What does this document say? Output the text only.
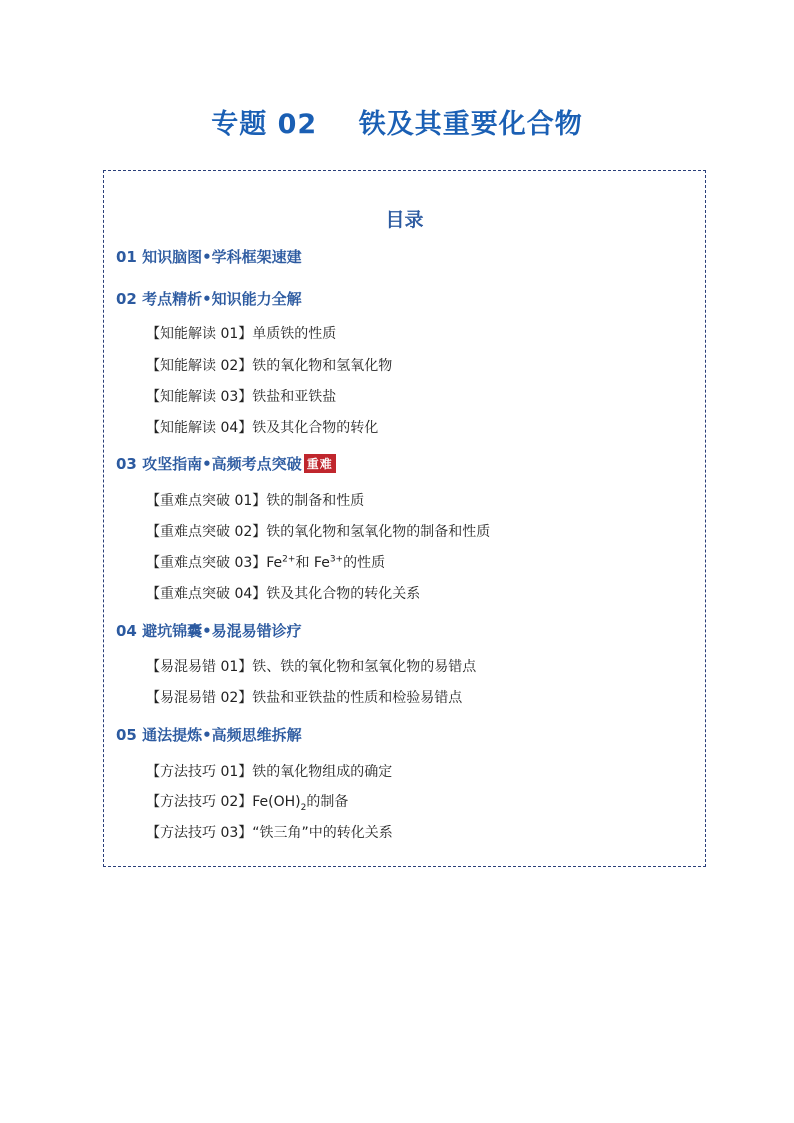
专题 02    铁及其重要化合物
目录
01 知识脑图•学科框架速建
02 考点精析•知识能力全解
【知能解读 01】单质铁的性质
【知能解读 02】铁的氧化物和氢氧化物
【知能解读 03】铁盐和亚铁盐
【知能解读 04】铁及其化合物的转化
03 攻坚指南•高频考点突破 重难
【重难点突破 01】铁的制备和性质
【重难点突破 02】铁的氧化物和氢氧化物的制备和性质
【重难点突破 03】$Fe^{2+}$和 $Fe^{3+}$的性质
【重难点突破 04】铁及其化合物的转化关系
04 避坑锦囊•易混易错诊疗
【易混易错 01】铁、铁的氧化物和氢氧化物的易错点
【易混易错 02】铁盐和亚铁盐的性质和检验易错点
05 通法提炼•高频思维拆解
【方法技巧 01】铁的氧化物组成的确定
【方法技巧 02】$Fe(OH)_2$的制备
【方法技巧 03】“铁三角”中的转化关系
